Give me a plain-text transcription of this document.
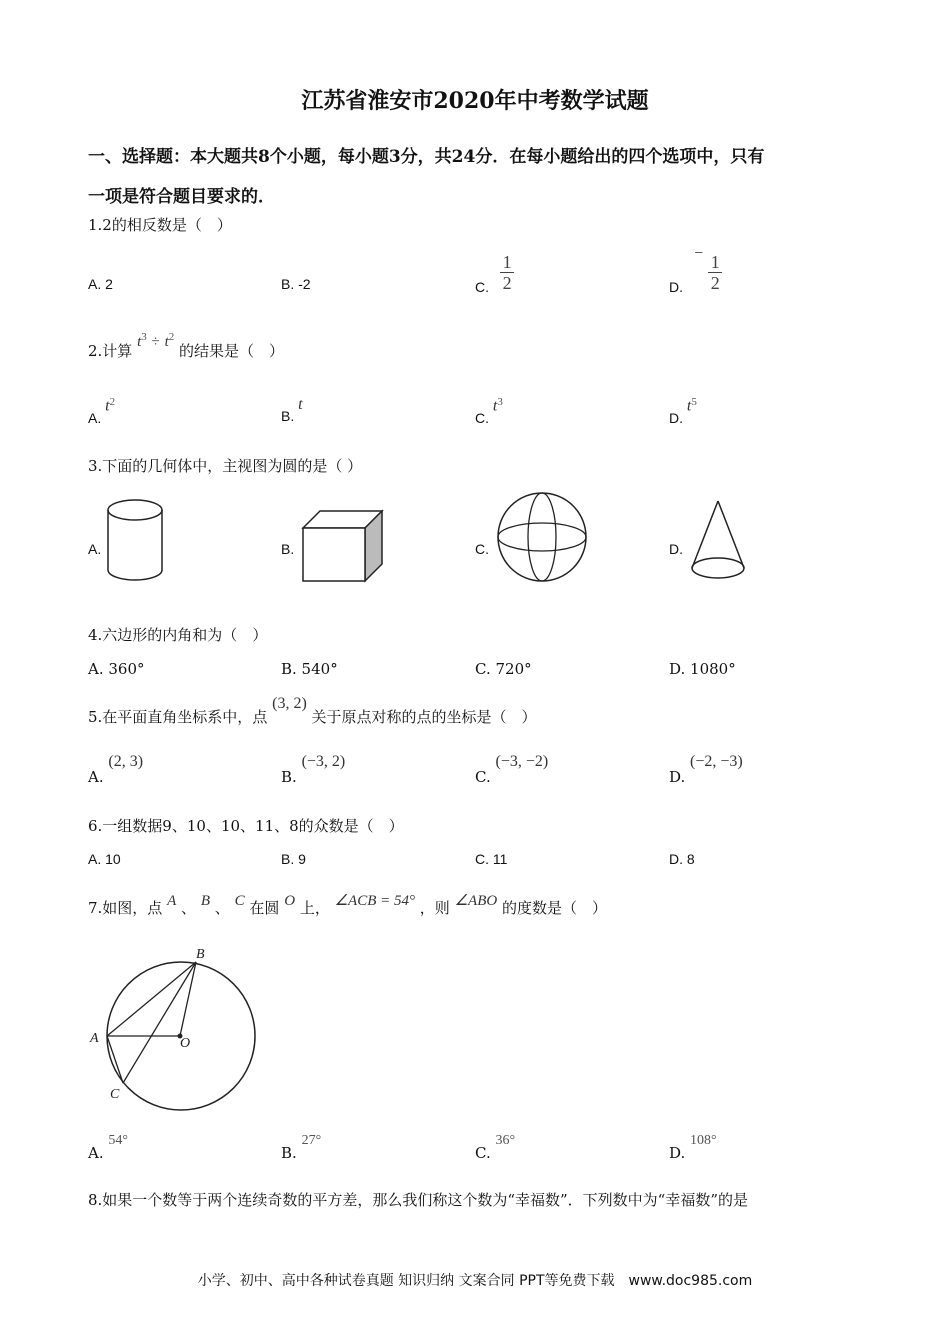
江苏省淮安市2020年中考数学试题
一、选择题：本大题共8个小题，每小题3分，共24分．在每小题给出的四个选项中，只有
一项是符合题目要求的．
1.2的相反数是（　）
A. 2	B. -2	C. $\frac{1}{2}$	D. − $\frac{1}{2}$
2.计算 $t^3 \div t^2$ 的结果是（　）
A. $t^2$
B. t
C. $t^3$
D. $t^5$
3.下面的几何体中，主视图为圆的是（ ）
A.	B.	C.	D.
4.六边形的内角和为（　）
A. 360°	B. 540°	C. 720°	D. 1080°
5.在平面直角坐标系中，点 (3, 2) 关于原点对称的点的坐标是（　）
A. (2, 3)
B. (−3, 2)
C. (−3, −2)
D. (−2, −3)
6.一组数据9、10、10、11、8的众数是（　）
A. 10	B. 9	C. 11	D. 8
7.如图，点 A 、 B 、 C 在圆 O 上， ∠ACB = 54° ，则 ∠ABO 的度数是（　）
B
A	O
C
A. 54°
B. 27°
C. 36°
D. 108°
8.如果一个数等于两个连续奇数的平方差，那么我们称这个数为“幸福数”．下列数中为“幸福数”的是
小学、初中、高中各种试卷真题 知识归纳 文案合同 PPT等免费下载　www.doc985.com
